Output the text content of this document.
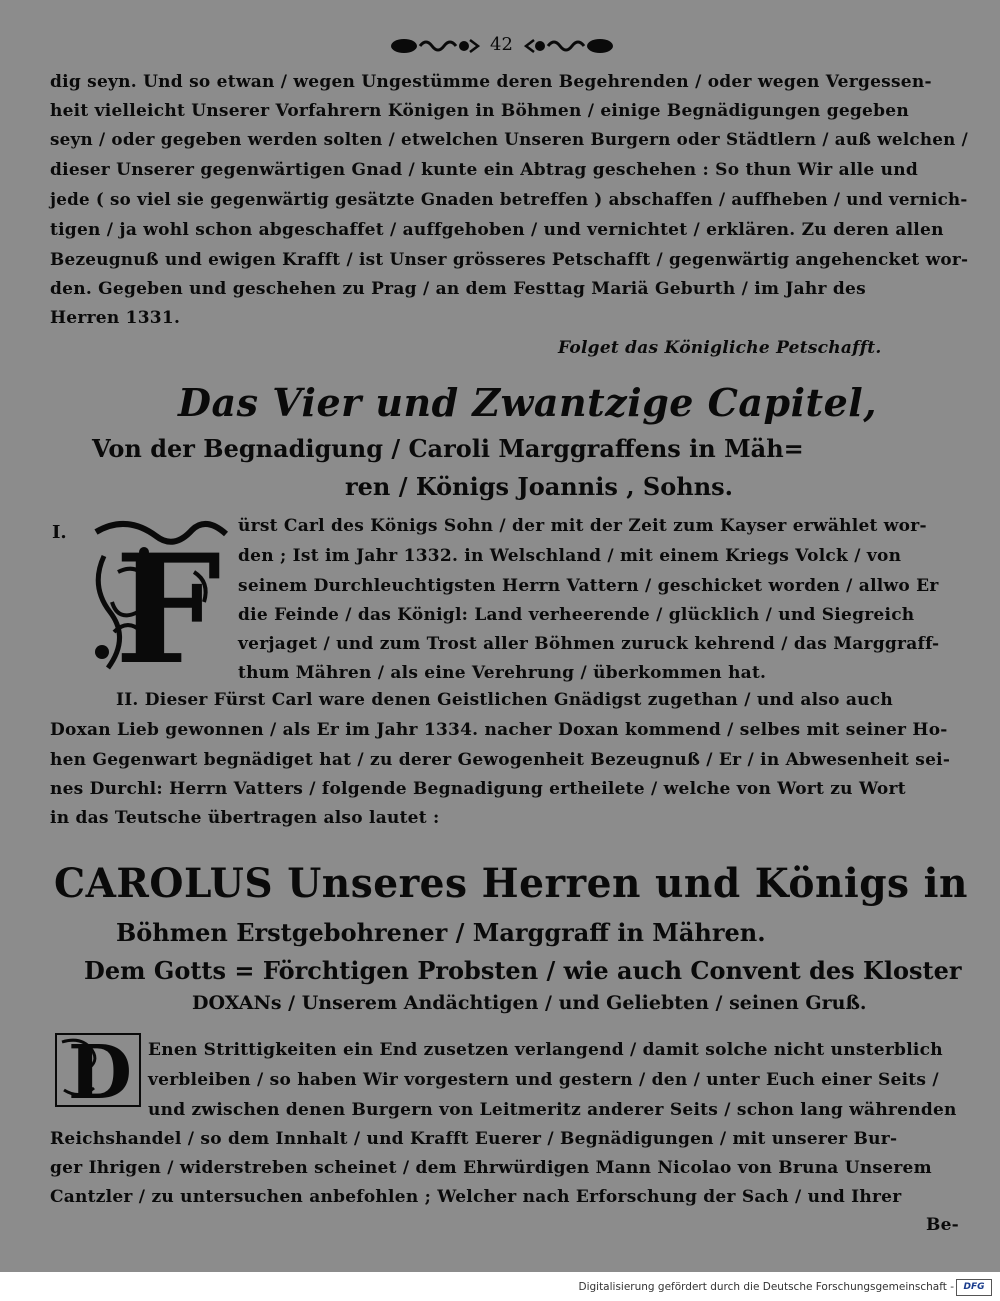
42
dig seyn. Und so etwan / wegen Ungestümme deren Begehrenden / oder wegen Vergessen-
heit vielleicht Unserer Vorfahrern Königen in Böhmen / einige Begnädigungen gegeben
seyn / oder gegeben werden solten / etwelchen Unseren Burgern oder Städtlern / auß welchen /
dieser Unserer gegenwärtigen Gnad / kunte ein Abtrag geschehen : So thun Wir alle und
jede ( so viel sie gegenwärtig gesätzte Gnaden betreffen ) abschaffen / auffheben / und vernich-
tigen / ja wohl schon abgeschaffet / auffgehoben / und vernichtet / erklären. Zu deren allen
Bezeugnuß und ewigen Krafft / ist Unser grösseres Petschafft / gegenwärtig angehencket wor-
den. Gegeben und geschehen zu Prag / an dem Festtag Mariä Geburth / im Jahr des
Herren 1331.
Folget das Königliche Petschafft.
Das Vier und Zwantzige Capitel,
Von der Begnadigung / Caroli Marggraffens in Mäh=
ren / Königs Joannis , Sohns.
I. F ürst Carl des Königs Sohn / der mit der Zeit zum Kayser erwählet wor-
den ; Ist im Jahr 1332. in Welschland / mit einem Kriegs Volck / von
seinem Durchleuchtigsten Herrn Vattern / geschicket worden / allwo Er
die Feinde / das Königl: Land verheerende / glücklich / und Siegreich
verjaget / und zum Trost aller Böhmen zuruck kehrend / das Marggraff-
thum Mähren / als eine Verehrung / überkommen hat.
II. Dieser Fürst Carl ware denen Geistlichen Gnädigst zugethan / und also auch
Doxan Lieb gewonnen / als Er im Jahr 1334. nacher Doxan kommend / selbes mit seiner Ho-
hen Gegenwart begnädiget hat / zu derer Gewogenheit Bezeugnuß / Er / in Abwesenheit sei-
nes Durchl: Herrn Vatters / folgende Begnadigung ertheilete / welche von Wort zu Wort
in das Teutsche übertragen also lautet :
CAROLUS Unseres Herren und Königs in
Böhmen Erstgebohrener / Marggraff in Mähren.
Dem Gotts = Förchtigen Probsten / wie auch Convent des Kloster
DOXANs / Unserem Andächtigen / und Geliebten / seinen Gruß.
D Enen Strittigkeiten ein End zusetzen verlangend / damit solche nicht unsterblich
verbleiben / so haben Wir vorgestern und gestern / den / unter Euch einer Seits /
und zwischen denen Burgern von Leitmeritz anderer Seits / schon lang währenden
Reichshandel / so dem Innhalt / und Krafft Euerer / Begnädigungen / mit unserer Bur-
ger Ihrigen / widerstreben scheinet / dem Ehrwürdigen Mann Nicolao von Bruna Unserem
Cantzler / zu untersuchen anbefohlen ; Welcher nach Erforschung der Sach / und Ihrer
Be-
Digitalisierung gefördert durch die Deutsche Forschungsgemeinschaft -	DFG
